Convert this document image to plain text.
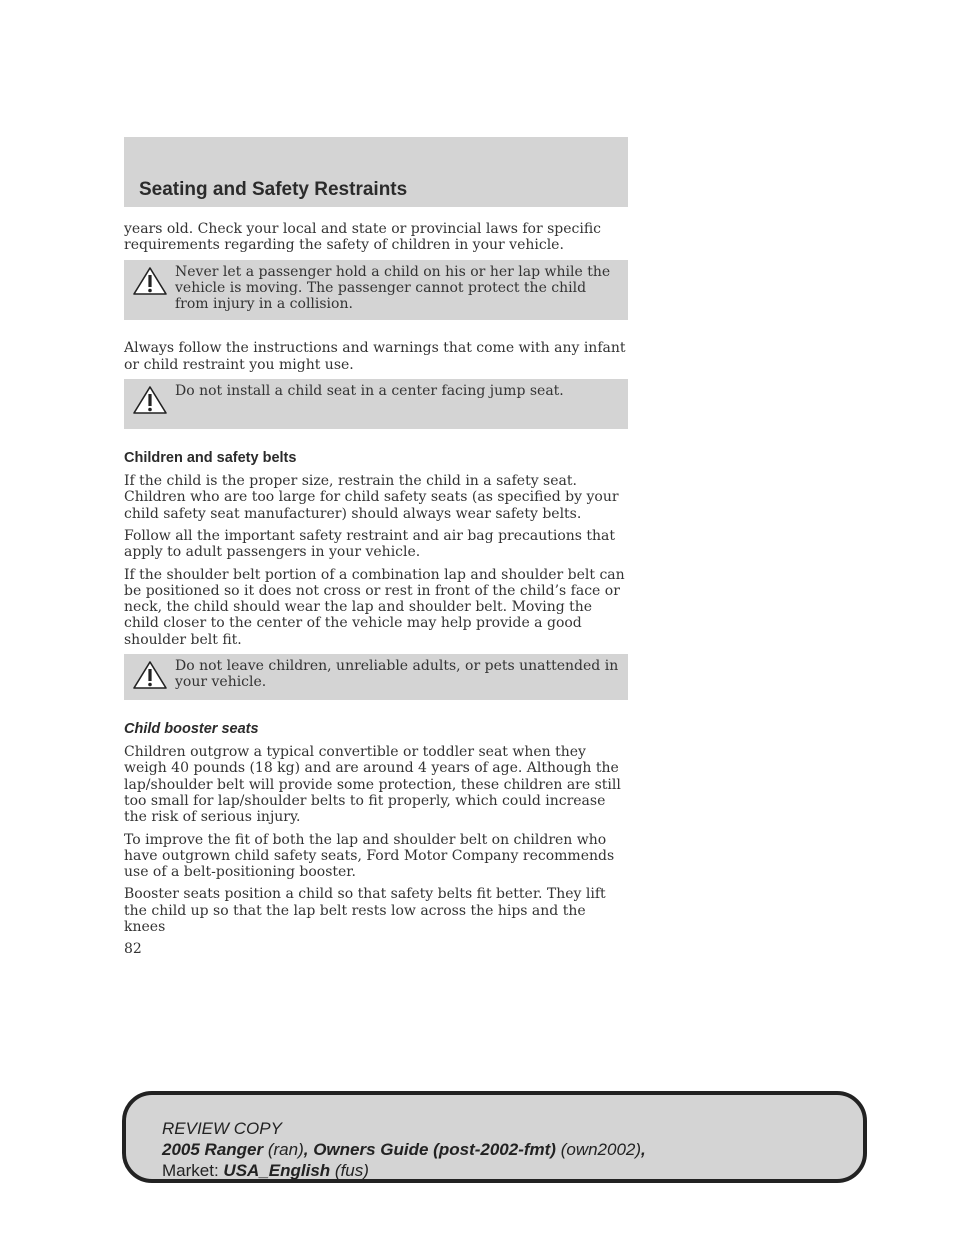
Seating and Safety Restraints

years old. Check your local and state or provincial laws for specific requirements regarding the safety of children in your vehicle.

Never let a passenger hold a child on his or her lap while the vehicle is moving. The passenger cannot protect the child from injury in a collision.

Always follow the instructions and warnings that come with any infant or child restraint you might use.

Do not install a child seat in a center facing jump seat.

Children and safety belts

If the child is the proper size, restrain the child in a safety seat. Children who are too large for child safety seats (as specified by your child safety seat manufacturer) should always wear safety belts.

Follow all the important safety restraint and air bag precautions that apply to adult passengers in your vehicle.

If the shoulder belt portion of a combination lap and shoulder belt can be positioned so it does not cross or rest in front of the child’s face or neck, the child should wear the lap and shoulder belt. Moving the child closer to the center of the vehicle may help provide a good shoulder belt fit.

Do not leave children, unreliable adults, or pets unattended in your vehicle.

Child booster seats

Children outgrow a typical convertible or toddler seat when they weigh 40 pounds (18 kg) and are around 4 years of age. Although the lap/shoulder belt will provide some protection, these children are still too small for lap/shoulder belts to fit properly, which could increase the risk of serious injury.

To improve the fit of both the lap and shoulder belt on children who have outgrown child safety seats, Ford Motor Company recommends use of a belt-positioning booster.

Booster seats position a child so that safety belts fit better. They lift the child up so that the lap belt rests low across the hips and the knees

82
REVIEW COPY
2005 Ranger (ran), Owners Guide (post-2002-fmt) (own2002),
Market: USA_English (fus)
